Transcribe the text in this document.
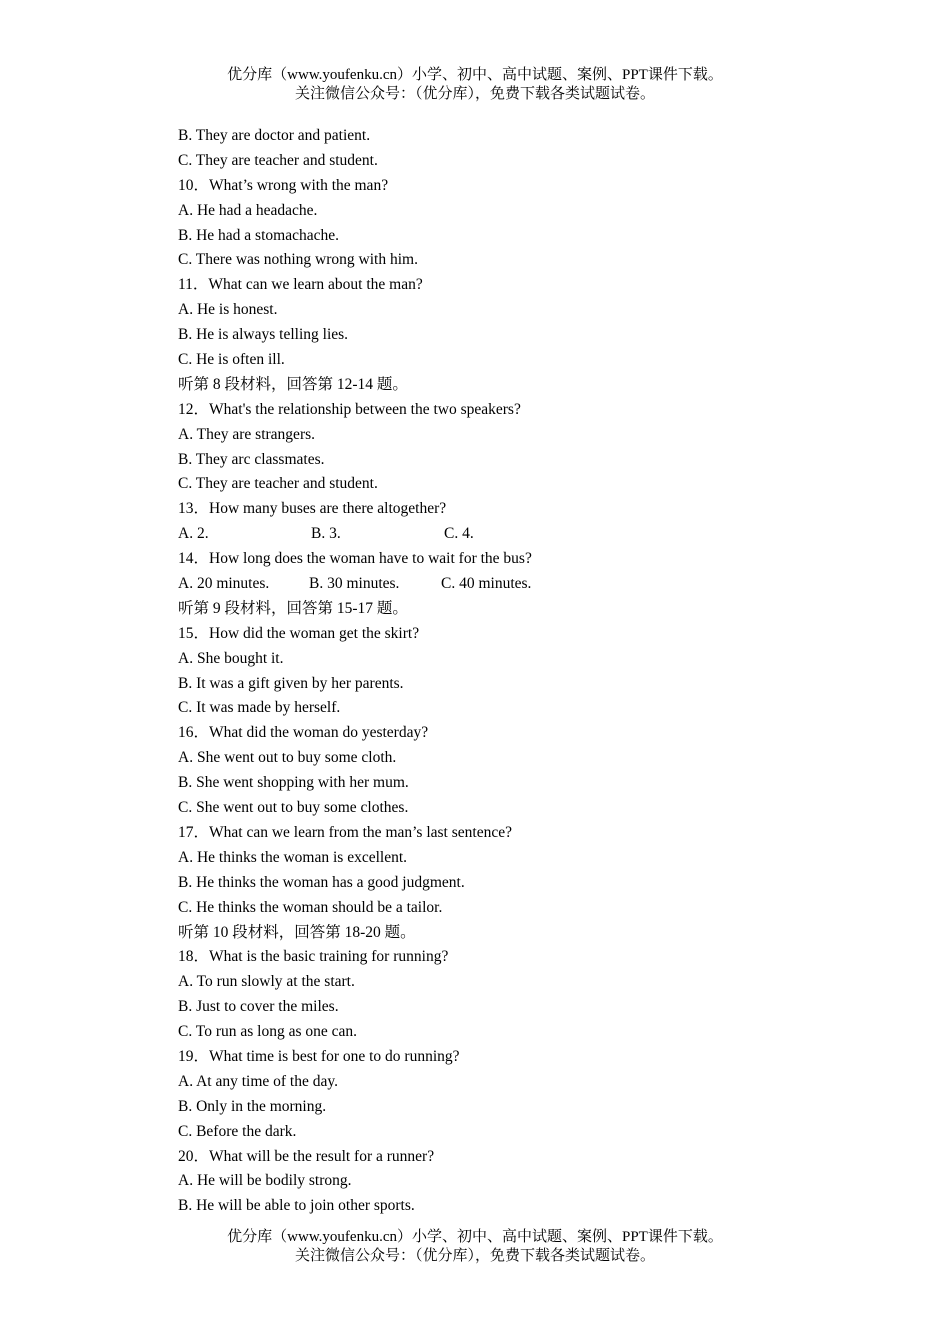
优分库（www.youfenku.cn）小学、初中、高中试题、案例、PPT课件下载。
关注微信公众号：（优分库），免费下载各类试题试卷。
B. They are doctor and patient.
C. They are teacher and student.
10．What’s wrong with the man?
A. He had a headache.
B. He had a stomachache.
C. There was nothing wrong with him.
11．What can we learn about the man?
A. He is honest.
B. He is always telling lies.
C. He is often ill.
听第 8 段材料，回答第 12-14 题。
12．What's the relationship between the two speakers?
A. They are strangers.
B. They arc classmates.
C. They are teacher and student.
13．How many buses are there altogether?
A. 2.	B. 3.	C. 4.
14．How long does the woman have to wait for the bus?
A. 20 minutes.	B. 30 minutes.	C. 40 minutes.
听第 9 段材料，回答第 15-17 题。
15．How did the woman get the skirt?
A. She bought it.
B. It was a gift given by her parents.
C. It was made by herself.
16．What did the woman do yesterday?
A. She went out to buy some cloth.
B. She went shopping with her mum.
C. She went out to buy some clothes.
17．What can we learn from the man’s last sentence?
A. He thinks the woman is excellent.
B. He thinks the woman has a good judgment.
C. He thinks the woman should be a tailor.
听第 10 段材料，回答第 18-20 题。
18．What is the basic training for running?
A. To run slowly at the start.
B. Just to cover the miles.
C. To run as long as one can.
19．What time is best for one to do running?
A. At any time of the day.
B. Only in the morning.
C. Before the dark.
20．What will be the result for a runner?
A. He will be bodily strong.
B. He will be able to join other sports.
优分库（www.youfenku.cn）小学、初中、高中试题、案例、PPT课件下载。
关注微信公众号：（优分库），免费下载各类试题试卷。
